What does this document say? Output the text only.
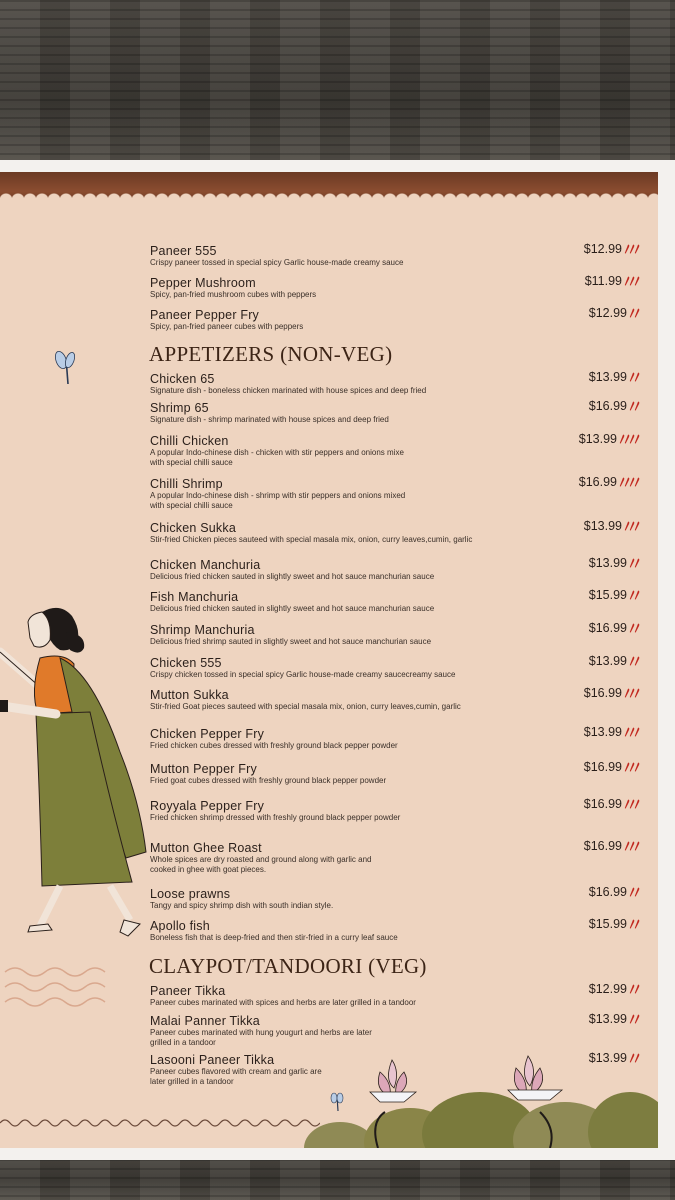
Paneer 555
Crispy paneer tossed in special spicy Garlic house-made creamy sauce
$12.99
Pepper Mushroom
Spicy, pan-fried mushroom cubes with peppers
$11.99
Paneer Pepper Fry
Spicy, pan-fried paneer cubes with peppers
$12.99
APPETIZERS (NON-VEG)
Chicken 65
Signature dish - boneless chicken marinated with house spices and deep fried
$13.99
Shrimp 65
Signature dish - shrimp marinated with house spices and deep fried
$16.99
Chilli Chicken
A popular Indo-chinese dish - chicken with stir peppers and onions mixe
with special chilli sauce
$13.99
Chilli Shrimp
A popular Indo-chinese dish - shrimp with stir peppers and onions mixed
with special chilli sauce
$16.99
Chicken Sukka
Stir-fried Chicken pieces sauteed with special masala mix, onion, curry leaves,cumin, garlic
$13.99
Chicken Manchuria
Delicious fried chicken sauted in slightly sweet and hot sauce manchurian sauce
$13.99
Fish Manchuria
Delicious fried chicken sauted in slightly sweet and hot sauce manchurian sauce
$15.99
Shrimp Manchuria
Delicious fried shrimp sauted in slightly sweet and hot sauce manchurian sauce
$16.99
Chicken 555
Crispy chicken tossed in special spicy Garlic house-made creamy saucecreamy sauce
$13.99
Mutton Sukka
Stir-fried Goat pieces sauteed with special masala mix, onion, curry leaves,cumin, garlic
$16.99
Chicken Pepper Fry
Fried chicken cubes dressed with freshly ground black pepper powder
$13.99
Mutton Pepper Fry
Fried goat cubes dressed with freshly ground black pepper powder
$16.99
Royyala Pepper Fry
Fried chicken shrimp dressed with freshly ground black pepper powder
$16.99
Mutton Ghee Roast
Whole spices are dry roasted and ground along with garlic and
cooked in ghee with goat pieces.
$16.99
Loose prawns
Tangy and spicy shrimp dish with south indian style.
$16.99
Apollo fish
Boneless fish that is deep-fried and then stir-fried in a curry leaf sauce
$15.99
CLAYPOT/TANDOORI (VEG)
Paneer Tikka
Paneer cubes marinated with spices and herbs are later grilled in a tandoor
$12.99
Malai Panner Tikka
Paneer cubes marinated with hung yougurt and herbs are later
grilled in a tandoor
$13.99
Lasooni Paneer Tikka
Paneer cubes flavored with cream and garlic are
later grilled in a tandoor
$13.99
